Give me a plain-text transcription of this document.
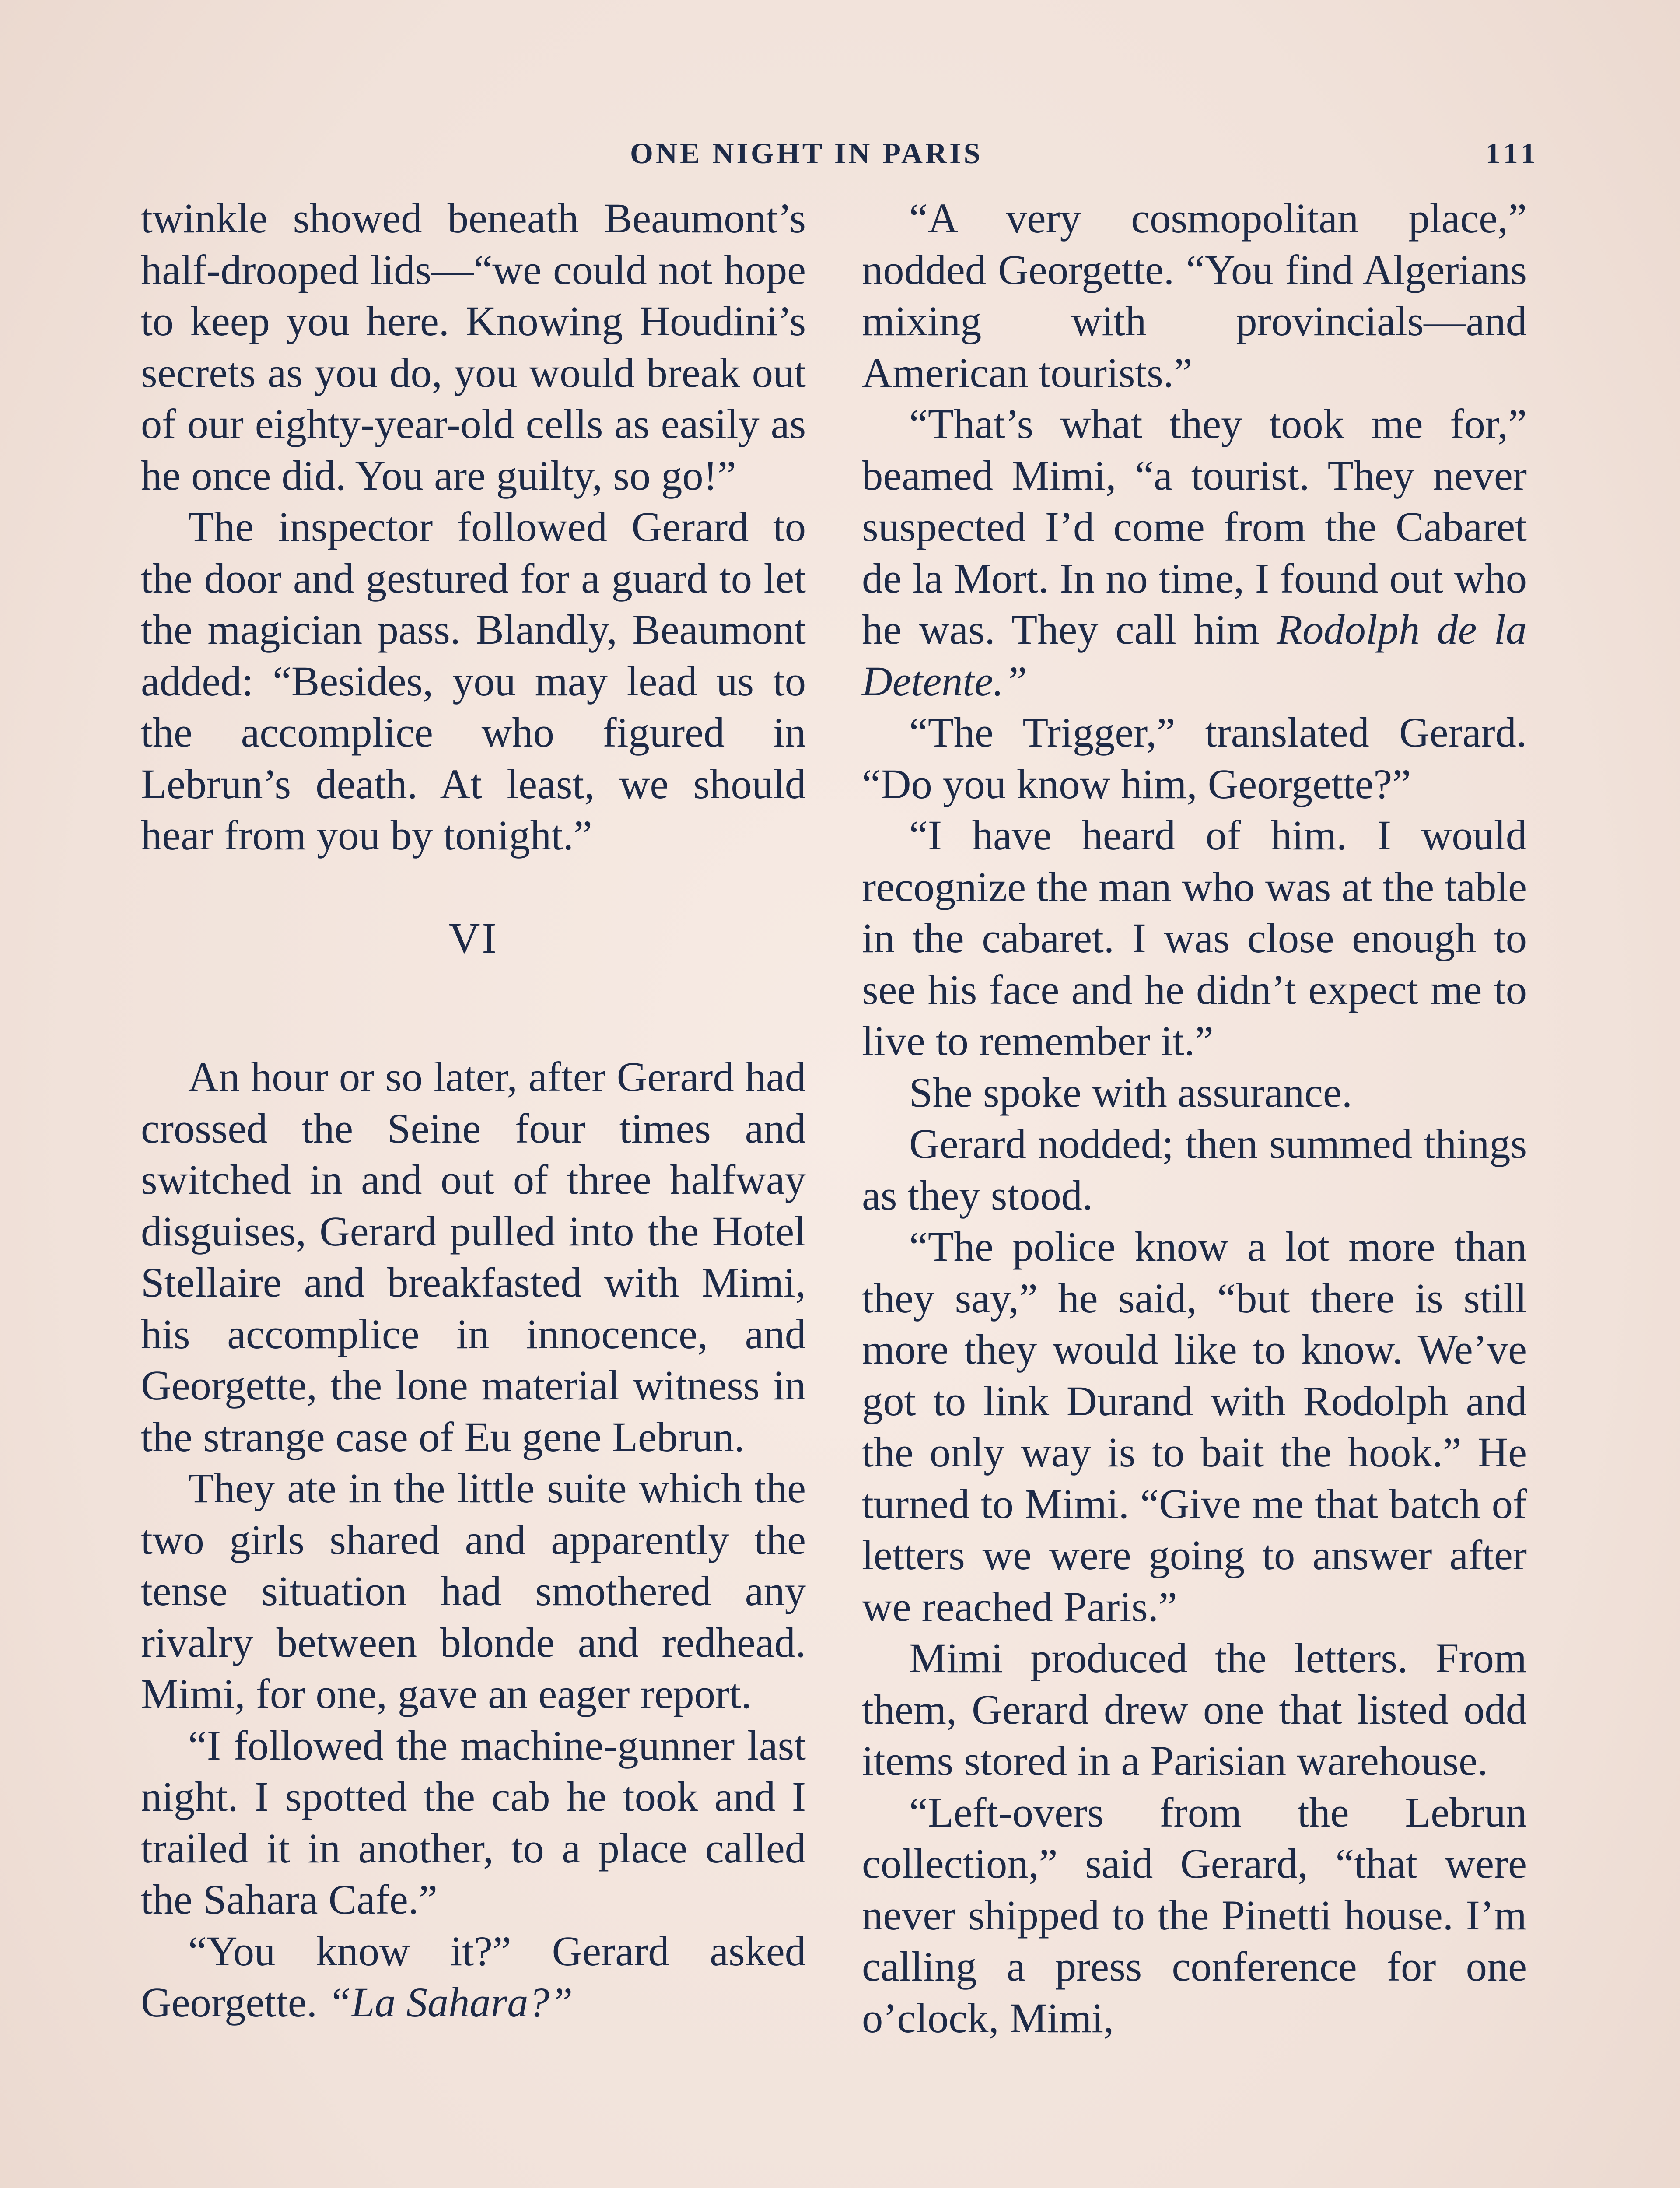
ONE NIGHT IN PARIS	111

twinkle showed beneath Beaumont’s half-drooped lids—“we could not hope to keep you here. Knowing Houdini’s secrets as you do, you would break out of our eighty-year-old cells as easily as he once did. You are guilty, so go!”

The inspector followed Gerard to the door and gestured for a guard to let the magician pass. Blandly, Beaumont added: “Besides, you may lead us to the accomplice who figured in Lebrun’s death. At least, we should hear from you by tonight.”

VI

An hour or so later, after Gerard had crossed the Seine four times and switched in and out of three halfway disguises, Gerard pulled into the Hotel Stellaire and breakfasted with Mimi, his accomplice in innocence, and Georgette, the lone material witness in the strange case of Eu gene Lebrun.

They ate in the little suite which the two girls shared and apparently the tense situation had smothered any rivalry between blonde and redhead. Mimi, for one, gave an eager report.

“I followed the machine-gunner last night. I spotted the cab he took and I trailed it in another, to a place called the Sahara Cafe.”

“You know it?” Gerard asked Georgette. “La Sahara?”

“A very cosmopolitan place,” nodded Georgette. “You find Algerians mixing with provincials—and American tourists.”

“That’s what they took me for,” beamed Mimi, “a tourist. They never suspected I’d come from the Cabaret de la Mort. In no time, I found out who he was. They call him Rodolph de la Detente.”

“The Trigger,” translated Gerard. “Do you know him, Georgette?”

“I have heard of him. I would recognize the man who was at the table in the cabaret. I was close enough to see his face and he didn’t expect me to live to remember it.”

She spoke with assurance.

Gerard nodded; then summed things as they stood.

“The police know a lot more than they say,” he said, “but there is still more they would like to know. We’ve got to link Durand with Rodolph and the only way is to bait the hook.” He turned to Mimi. “Give me that batch of letters we were going to answer after we reached Paris.”

Mimi produced the letters. From them, Gerard drew one that listed odd items stored in a Parisian warehouse.

“Left-overs from the Lebrun collection,” said Gerard, “that were never shipped to the Pinetti house. I’m calling a press conference for one o’clock, Mimi,
